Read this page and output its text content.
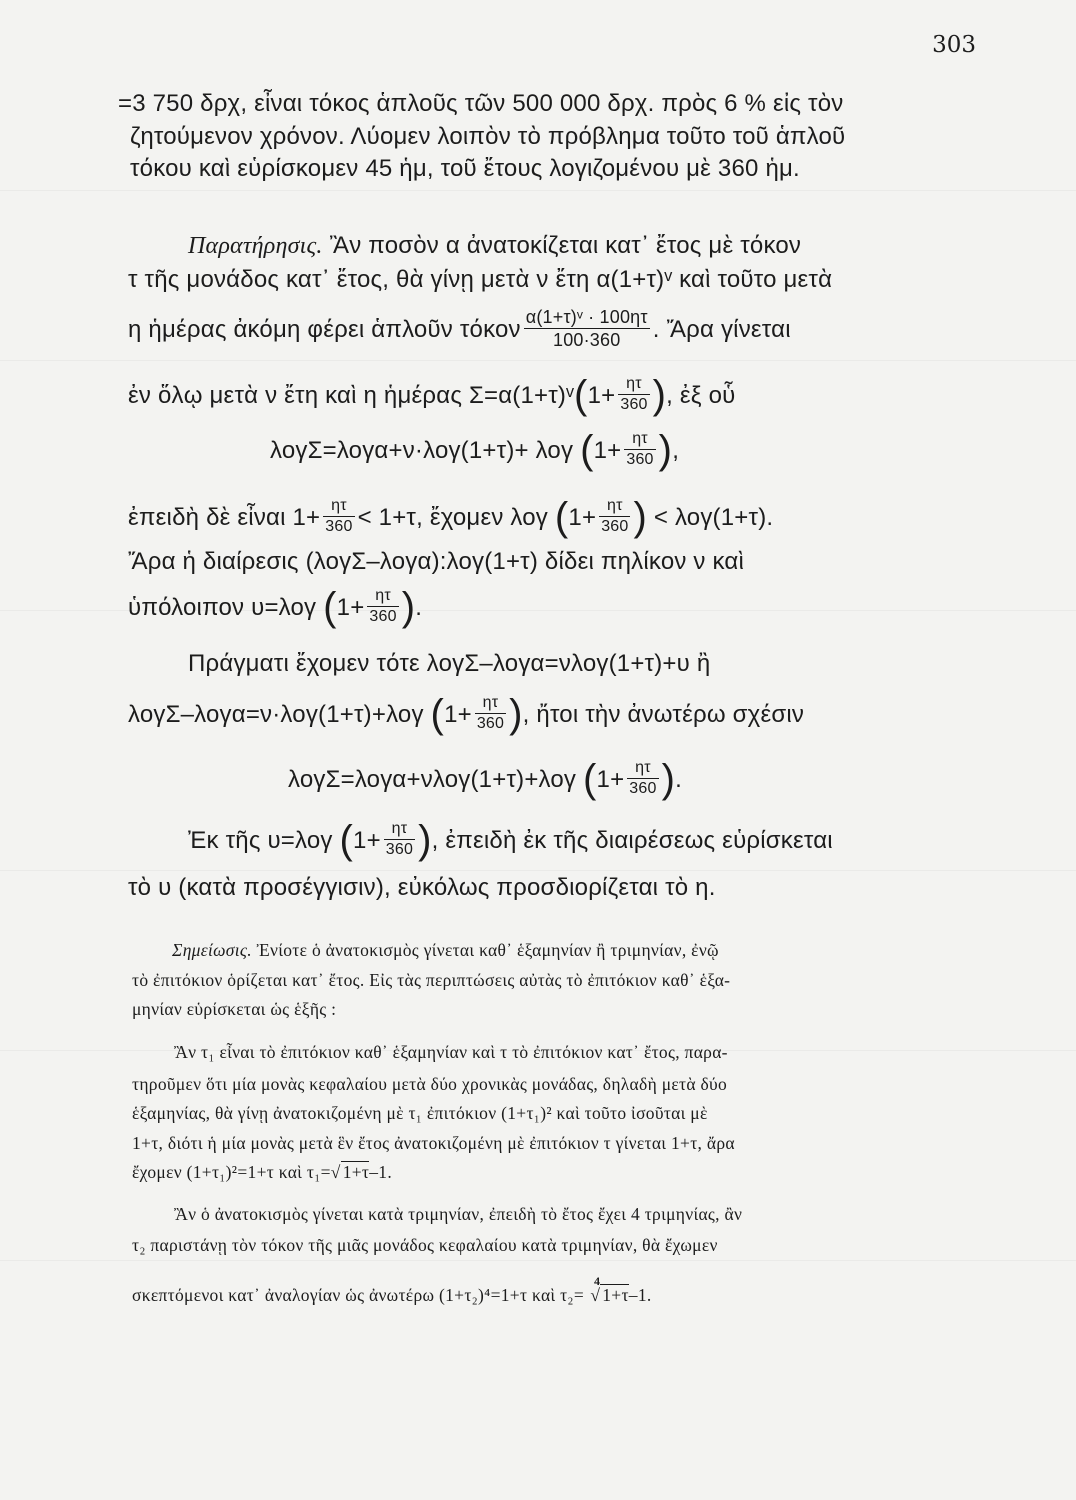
303
=3 750 δρχ, εἶναι τόκος ἁπλοῦς τῶν 500 000 δρχ. πρὸς 6 % εἰς τὸν
ζητούμενον χρόνον. Λύομεν λοιπὸν τὸ πρόβλημα τοῦτο τοῦ ἁπλοῦ
τόκου καὶ εὑρίσκομεν 45 ἡμ, τοῦ ἔτους λογιζομένου μὲ 360 ἡμ.
Παρατήρησις. Ἂν ποσὸν α ἀνατοκίζεται κατ᾽ ἔτος μὲ τόκον
τ τῆς μονάδος κατ᾽ ἔτος, θὰ γίνῃ μετὰ ν ἔτη α(1+τ)ᵛ καὶ τοῦτο μετὰ
η ἡμέρας ἀκόμη φέρει ἁπλοῦν τόκον $\frac{\text{α(1+τ)ᵛ · 100ητ}}{100\cdot 360}$ . Ἄρα γίνεται
ἐν ὅλῳ μετὰ ν ἔτη καὶ η ἡμέρας Σ=α(1+τ)ᵛ(1+ $\frac{\eta\tau}{360}$ ), ἐξ οὗ
λογΣ=λογα+ν·λογ(1+τ)+ λογ ($1+ \frac{\eta\tau}{360}$ ),
ἐπειδὴ δὲ εἶναι $1+ \frac{\eta\tau}{360} < 1+\tau$, ἔχομεν λογ ($1+ \frac{\eta\tau}{360}$ ) < λογ(1+τ).
Ἄρα ἡ διαίρεσις (λογΣ–λογα):λογ(1+τ) δίδει πηλίκον ν καὶ
ὑπόλοιπον υ=λογ ($1+ \frac{\eta\tau}{360}$ ).
Πράγματι ἔχομεν τότε λογΣ–λογα=νλογ(1+τ)+υ ἢ
λογΣ–λογα=ν·λογ(1+τ)+λογ ($1+ \frac{\eta\tau}{360}$ ), ἤτοι τὴν ἀνωτέρω σχέσιν
λογΣ=λογα+νλογ(1+τ)+λογ ($1+ \frac{\eta\tau}{360}$ ).
Ἐκ τῆς υ=λογ ($1+ \frac{\eta\tau}{360}$ ), ἐπειδὴ ἐκ τῆς διαιρέσεως εὑρίσκεται
τὸ υ (κατὰ προσέγγισιν), εὐκόλως προσδιορίζεται τὸ η.
Σημείωσις. Ἐνίοτε ὁ ἀνατοκισμὸς γίνεται καθ᾽ ἑξαμηνίαν ἢ τριμηνίαν, ἐνῷ
τὸ ἐπιτόκιον ὁρίζεται κατ᾽ ἔτος. Εἰς τὰς περιπτώσεις αὐτὰς τὸ ἐπιτόκιον καθ᾽ ἑξα-
μηνίαν εὑρίσκεται ὡς ἑξῆς :
Ἂν τ₁ εἶναι τὸ ἐπιτόκιον καθ᾽ ἑξαμηνίαν καὶ τ τὸ ἐπιτόκιον κατ᾽ ἔτος, παρα-
τηροῦμεν ὅτι μία μονὰς κεφαλαίου μετὰ δύο χρονικὰς μονάδας, δηλαδὴ μετὰ δύο
ἑξαμηνίας, θὰ γίνῃ ἀνατοκιζομένη μὲ τ₁ ἐπιτόκιον (1+τ₁)² καὶ τοῦτο ἰσοῦται μὲ
1+τ, διότι ἡ μία μονὰς μετὰ ἓν ἔτος ἀνατοκιζομένη μὲ ἐπιτόκιον τ γίνεται 1+τ, ἄρα
ἔχομεν (1+τ₁)²=1+τ καὶ τ₁=√ 1+τ–1.
Ἂν ὁ ἀνατοκισμὸς γίνεται κατὰ τριμηνίαν, ἐπειδὴ τὸ ἔτος ἔχει 4 τριμηνίας, ἂν
τ₂ παριστάνῃ τὸν τόκον τῆς μιᾶς μονάδος κεφαλαίου κατὰ τριμηνίαν, θὰ ἔχωμεν
σκεπτόμενοι κατ᾽ ἀναλογίαν ὡς ἀνωτέρω (1+τ₂)⁴=1+τ καὶ τ₂=$^4$√ 1+τ–1.
